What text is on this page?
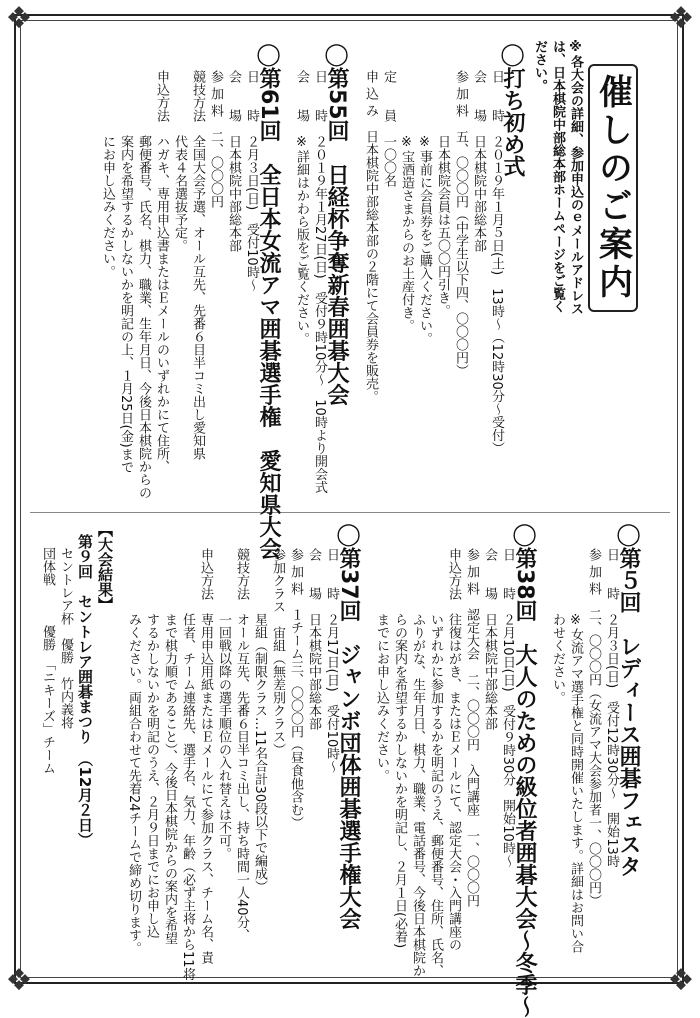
❖	❖
❖	❖
催しのご案内
※各大会の詳細、参加申込のｅメールアドレスは、日本棋院中部総本部ホームページをご覧ください。
◯打ち初め式
日　　時　２０１９年１月５日(土)　13時～（12時30分～受付）
会　　場　日本棋院中部総本部
参 加 料　五、〇〇〇円（中学生以下四、〇〇〇円）
　　　　　日本棋院会員は五〇〇円引き。
　　　　　※事前に会員券をご購入ください。
　　　　　※宝酒造さまからのお土産付き。
定　　員　一〇〇名
申 込 み　日本棋院中部総本部の２階にて会員券を販売。
◯第55回　日経杯争奪新春囲碁大会
日　　時　２０１９年１月27日(日)　受付９時10分～　10時より開会式
会　　場　※詳細はかわら版をご覧ください。
◯第61回　全日本女流アマ囲碁選手権　愛知県大会
日　　時　２月３日(日)　受付10時～
会　　場　日本棋院中部総本部
参 加 料　二、〇〇〇円
競技方法　全国大会予選、オール互先、先番６目半コミ出し愛知県
　　　　　代表４名選抜予定。
申込方法　ハガキ、専用申込書またはＥメールのいずれかにて住所、
　　　　　郵便番号、氏名、棋力、職業、生年月日、今後日本棋院からの
　　　　　案内を希望するかしないかを明記の上、１月25日(金)まで
　　　　　にお申し込みください。
◯第５回　レディース囲碁フェスタ
日　　時　２月３日(日)　受付12時30分～　開始13時
参 加 料　二、〇〇〇円（女流アマ大会参加者一、〇〇〇円）
　　　　　※女流アマ選手権と同時開催いたします。詳細はお問い合
　　　　　わせください。
◯第38回　大人のための級位者囲碁大会～冬季～
日　　時　２月10日(日)　受付９時30分　開始10時～
会　　場　日本棋院中部総本部
参 加 料　認定大会　二、〇〇〇円　入門講座　一、〇〇〇円
申込方法　往復はがき、またはＥメールにて、認定大会・入門講座の
　　　　　いずれかに参加するかを明記のうえ、郵便番号、住所、氏名、
　　　　　ふりがな、生年月日、棋力、職業、電話番号、今後日本棋院か
　　　　　らの案内を希望するかしないかを明記し、２月１日(必着)
　　　　　までにお申し込みください。
◯第37回　ジャンボ団体囲碁選手権大会
日　　時　２月17日(日)　受付10時～
会　　場　日本棋院中部総本部
参 加 料　１チーム三、〇〇〇円（昼食他含む）
参加クラス　宙組（無差別クラス）
　　　　　星組（制限クラス…11名合計30段以下で編成）
競技方法　オール互先、先番６目半コミ出し、持ち時間一人40分、
　　　　　一回戦以降の選手順位の入れ替えは不可。
申込方法　専用申込用紙またはＥメールにて参加クラス、チーム名、責
　　　　　任者、チーム連絡先、選手名、気力、年齢（必ず主将から11将
　　　　　まで棋力順であること）、今後日本棋院からの案内を希望
　　　　　するかしないかを明記のうえ、２月９日までにお申し込
　　　　　みください。両組合わせて先着24チームで締め切ります。
【大会結果】
第９回　セントレア囲碁まつり　（12月２日）
　セントレア杯　優勝　竹内義将
　団体戦　　　優勝　「ニキーズ」チーム
